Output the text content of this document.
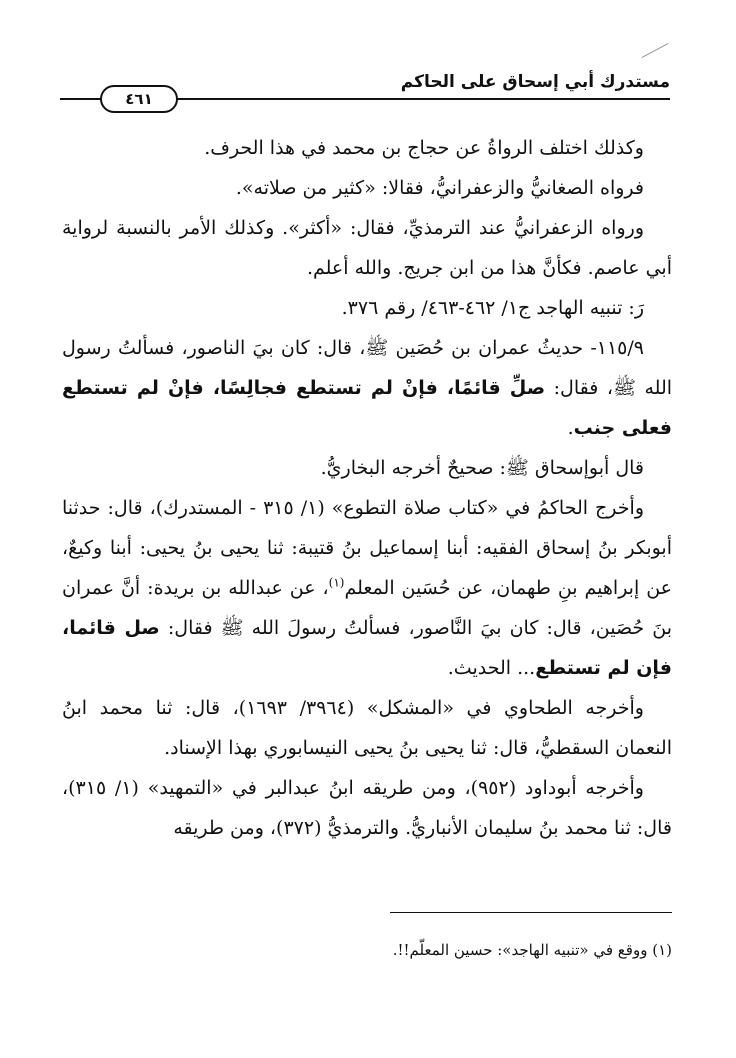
مستدرك أبي إسحاق على الحاكم
٤٦١

وكذلك اختلف الرواةُ عن حجاج بن محمد في هذا الحرف.

فرواه الصغانيُّ والزعفرانيُّ، فقالا: «كثير من صلاته».

ورواه الزعفرانيُّ عند الترمذيِّ، فقال: «أكثر». وكذلك الأمر بالنسبة لرواية أبي عاصم. فكأنَّ هذا من ابن جريج. والله أعلم.

رَ: تنبيه الهاجد ج١/ ٤٦٢-٤٦٣/ رقم ٣٧٦.

١١٥/٩- حديثُ عمران بن حُصَين ﷺ، قال: كان بيَ الناصور، فسألتُ رسول الله ﷺ، فقال: صلِّ قائمًا، فإنْ لم تستطع فجالِسًا، فإنْ لم تستطع فعلى جنب.

قال أبوإسحاق ﷺ: صحيحٌ أخرجه البخاريُّ.

وأخرج الحاكمُ في «كتاب صلاة التطوع» (١/ ٣١٥ - المستدرك)، قال: حدثنا أبوبكر بنُ إسحاق الفقيه: أبنا إسماعيل بنُ قتيبة: ثنا يحيى بنُ يحيى: أبنا وكيعٌ، عن إبراهيم بنِ طهمان، عن حُسَين المعلم$^{(١)}$، عن عبدالله بن بريدة: أنَّ عمران بنَ حُصَين، قال: كان بيَ النَّاصور، فسألتُ رسولَ الله ﷺ فقال: صل قائما، فإن لم تستطع... الحديث.

وأخرجه الطحاوي في «المشكل» (٣٩٦٤/ ١٦٩٣)، قال: ثنا محمد ابنُ النعمان السقطيُّ، قال: ثنا يحيى بنُ يحيى النيسابوري بهذا الإسناد.

وأخرجه أبوداود (٩٥٢)، ومن طريقه ابنُ عبدالبر في «التمهيد» (١/ ٣١٥)، قال: ثنا محمد بنُ سليمان الأنباريُّ. والترمذيُّ (٣٧٢)، ومن طريقه

(١) ووقع في «تنبيه الهاجد»: حسين المعلّم!!.
